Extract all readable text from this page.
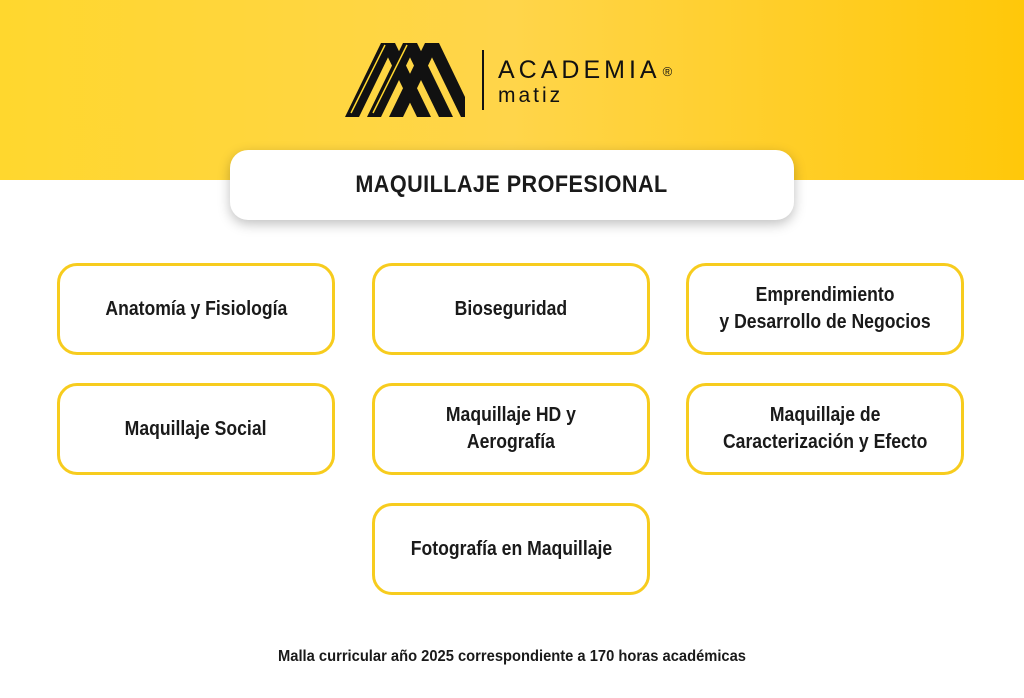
ACADEMIA ®
matiz
MAQUILLAJE PROFESIONAL
Anatomía y Fisiología	Bioseguridad
Emprendimiento
y Desarrollo de Negocios
Maquillaje Social
Maquillaje HD y
Aerografía
Maquillaje de
Caracterización y Efecto
Fotografía en Maquillaje
Malla curricular año 2025 correspondiente a 170 horas académicas
